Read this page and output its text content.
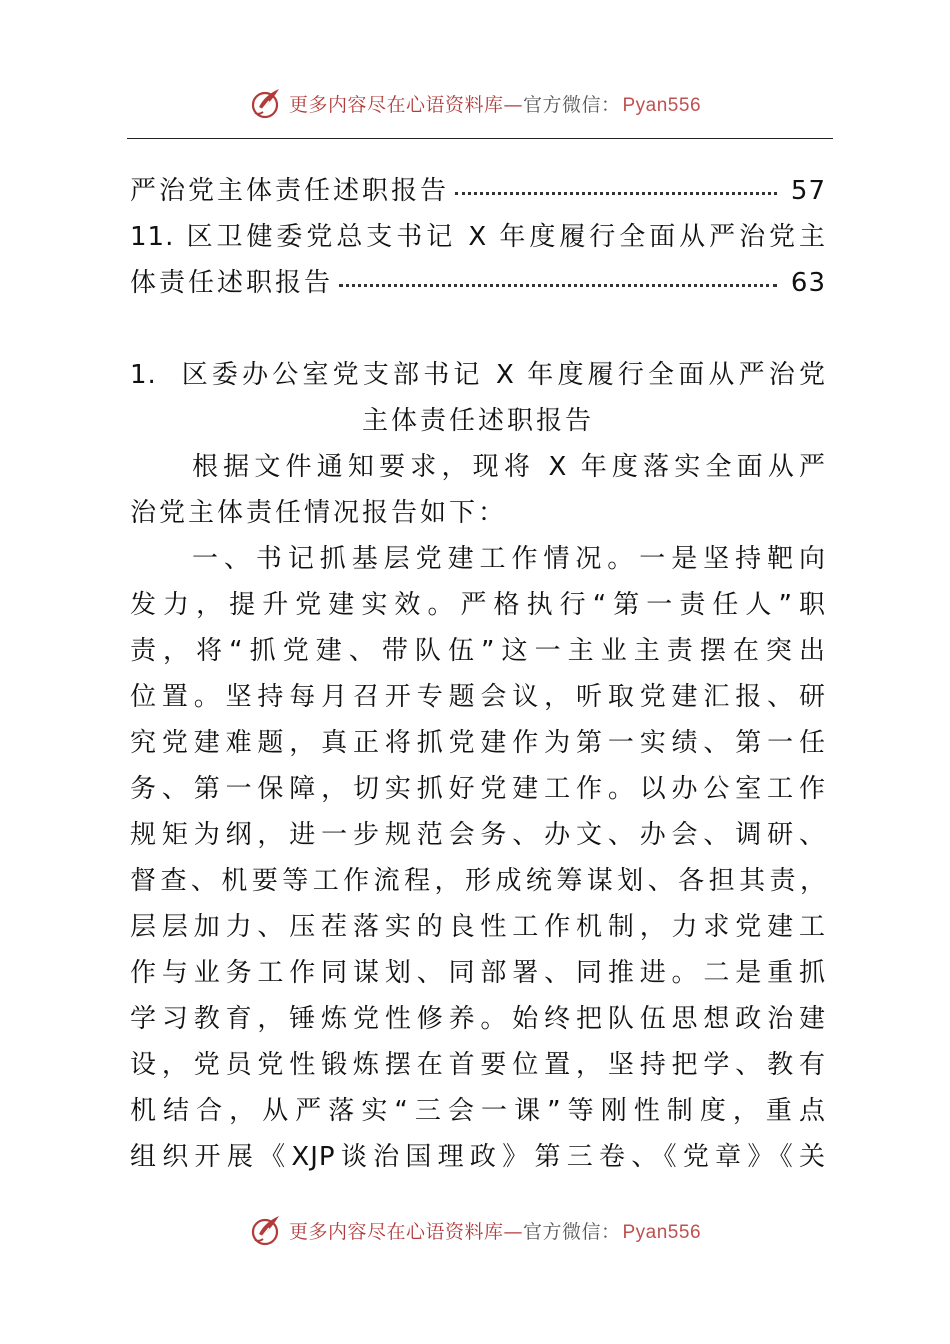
更多内容尽在心语资料库—官方微信： Pyan556
严治党主体责任述职报告	57
11. 区卫健委党总支书记 X 年度履行全面从严治党主
体责任述职报告	63
1.  区委办公室党支部书记 X 年度履行全面从严治党
主体责任述职报告
根据文件通知要求，现将 X 年度落实全面从严
治党主体责任情况报告如下：
一、书记抓基层党建工作情况。一是坚持靶向
发力，提升党建实效。严格执行“第一责任人”职
责，将“抓党建、带队伍”这一主业主责摆在突出
位置。坚持每月召开专题会议，听取党建汇报、研
究党建难题，真正将抓党建作为第一实绩、第一任
务、第一保障，切实抓好党建工作。以办公室工作
规矩为纲，进一步规范会务、办文、办会、调研、
督查、机要等工作流程，形成统筹谋划、各担其责，
层层加力、压茬落实的良性工作机制，力求党建工
作与业务工作同谋划、同部署、同推进。二是重抓
学习教育，锤炼党性修养。始终把队伍思想政治建
设，党员党性锻炼摆在首要位置，坚持把学、教有
机结合，从严落实“三会一课”等刚性制度，重点
组织开展《XJP谈治国理政》第三卷、《党章》《关
更多内容尽在心语资料库—官方微信： Pyan556
